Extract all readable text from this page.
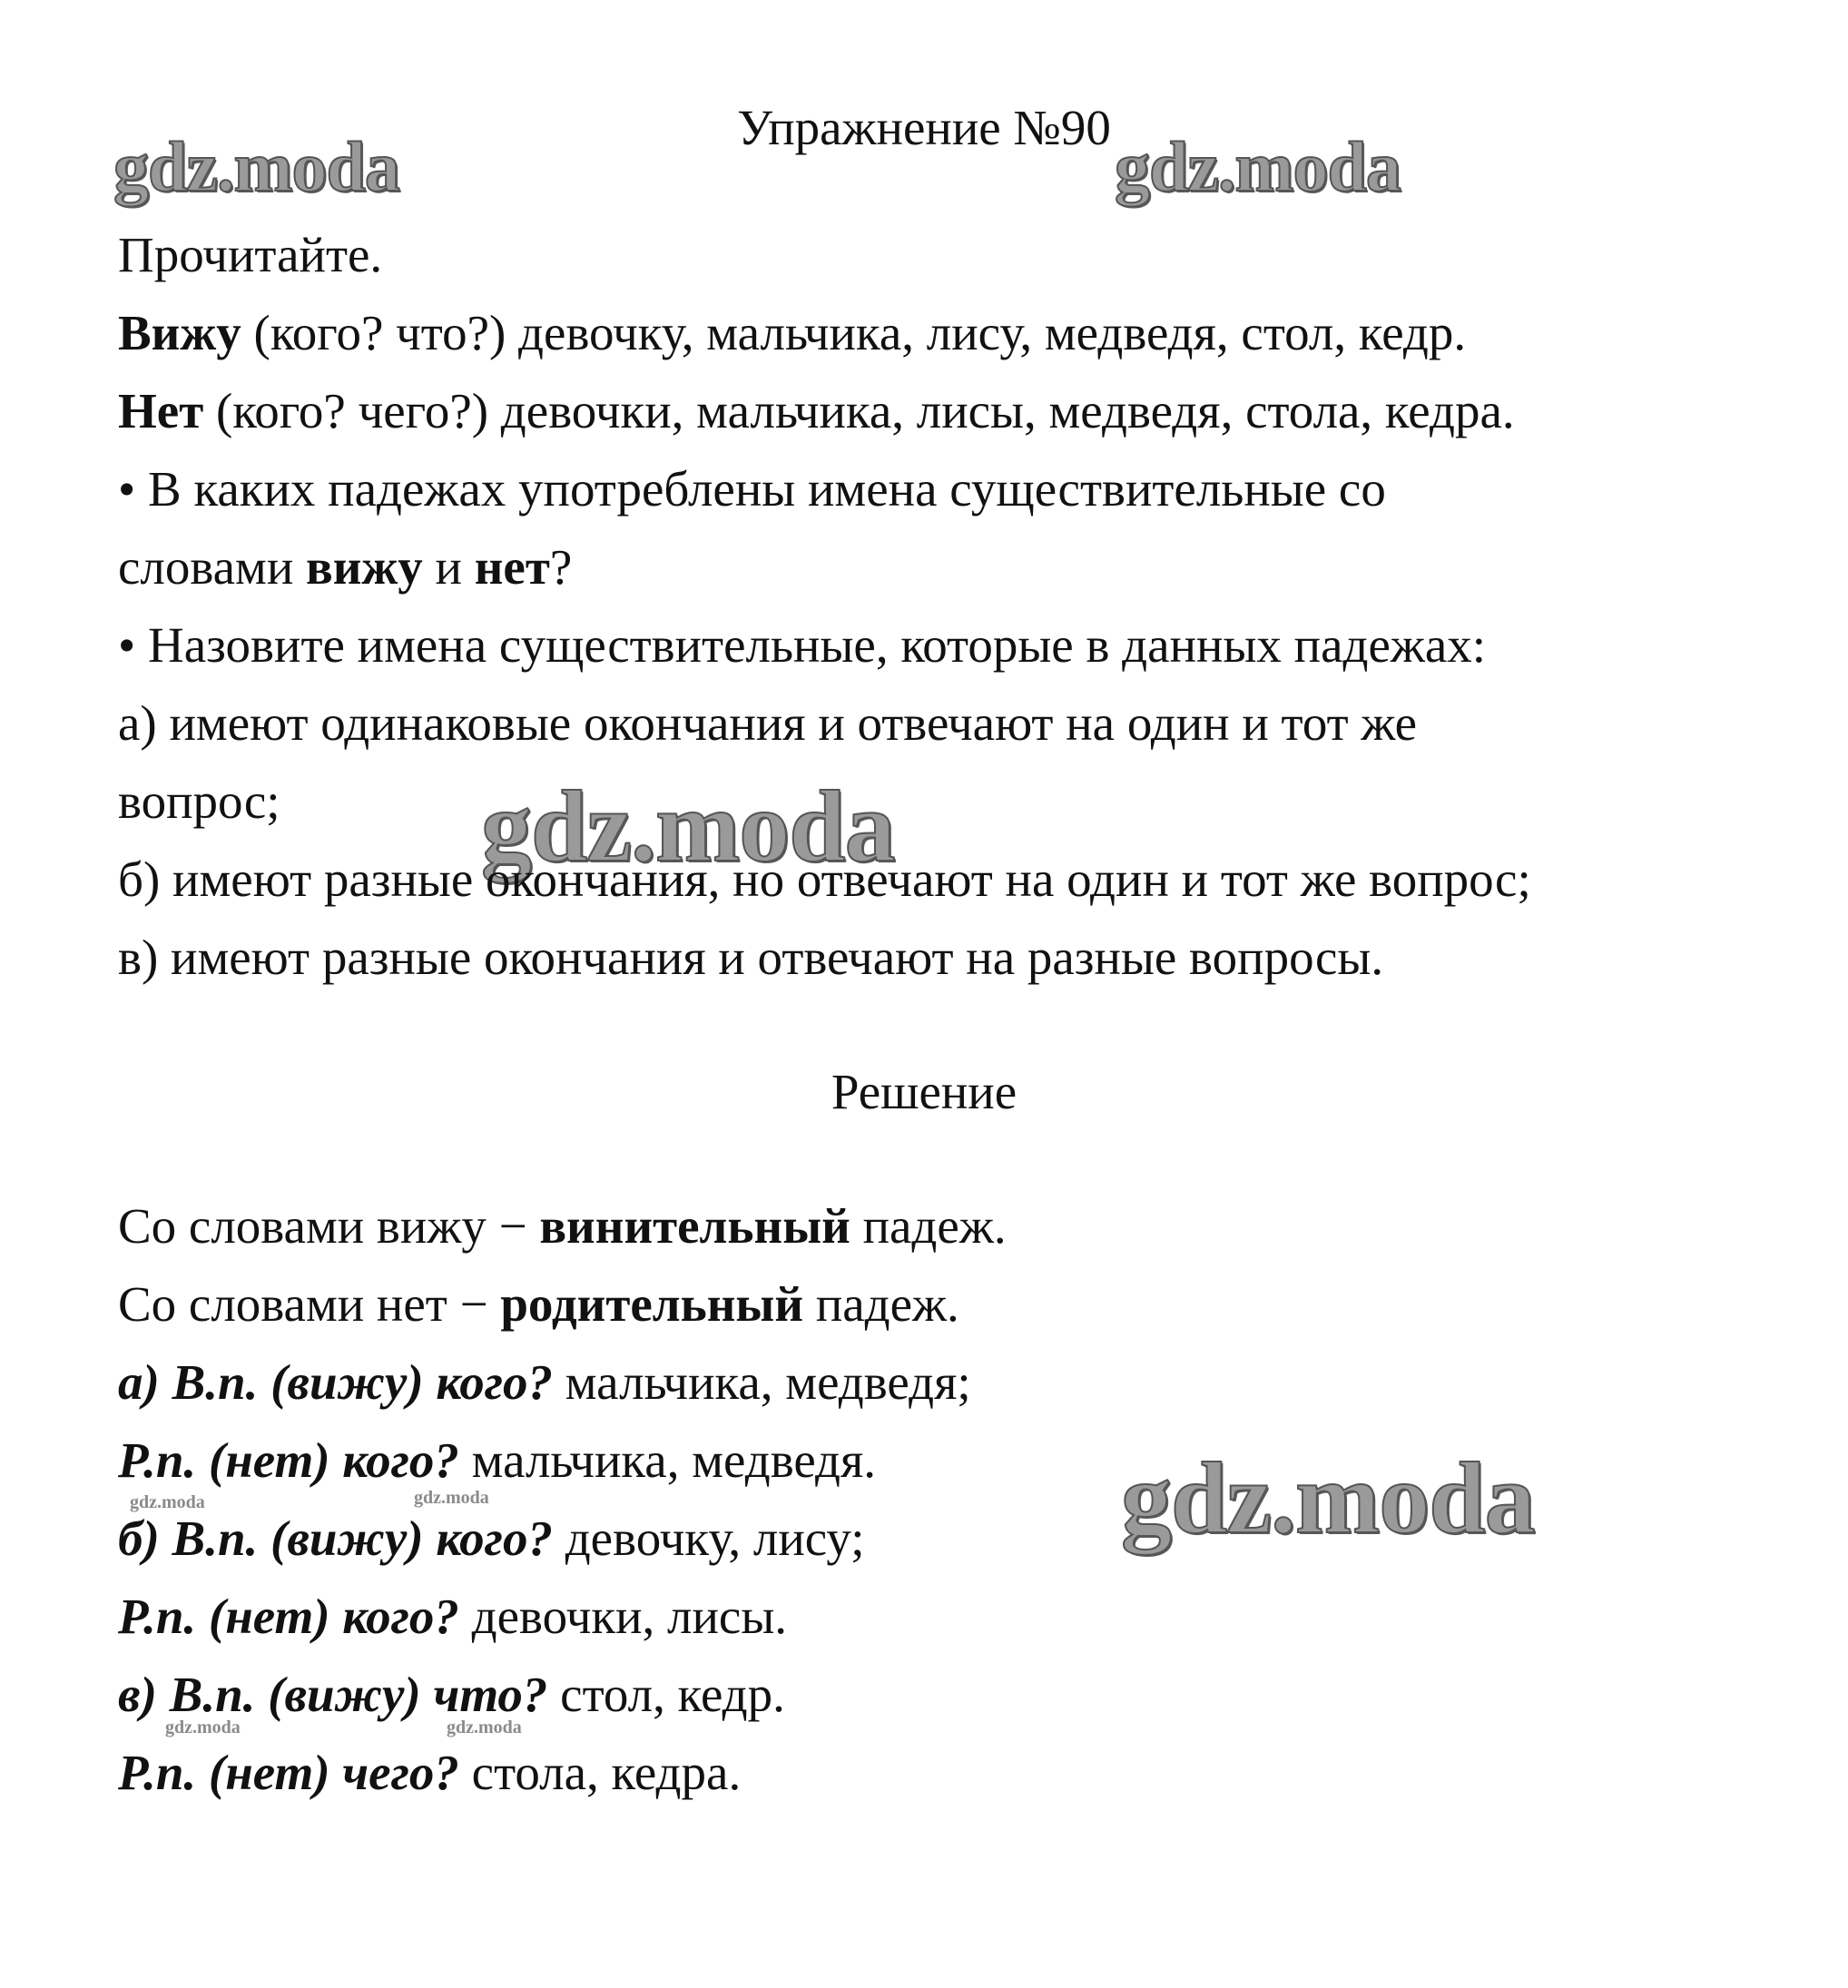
gdz.moda	gdz.moda
gdz.moda
gdz.moda
gdz.moda	gdz.moda
gdz.moda	gdz.moda
Упражнение №90
Прочитайте.
Вижу (кого? что?) девочку, мальчика, лису, медведя, стол, кедр.
Нет (кого? чего?) девочки, мальчика, лисы, медведя, стола, кедра.
• В каких падежах употреблены имена существительные со
словами вижу и нет?
• Назовите имена существительные, которые в данных падежах:
а) имеют одинаковые окончания и отвечают на один и тот же
вопрос;
б) имеют разные окончания, но отвечают на один и тот же вопрос;
в) имеют разные окончания и отвечают на разные вопросы.
Решение
Со словами вижу − винительный падеж.
Со словами нет − родительный падеж.
а) В.п. (вижу) кого? мальчика, медведя;
Р.п. (нет) кого? мальчика, медведя.
б) В.п. (вижу) кого? девочку, лису;
Р.п. (нет) кого? девочки, лисы.
в) В.п. (вижу) что? стол, кедр.
Р.п. (нет) чего? стола, кедра.
